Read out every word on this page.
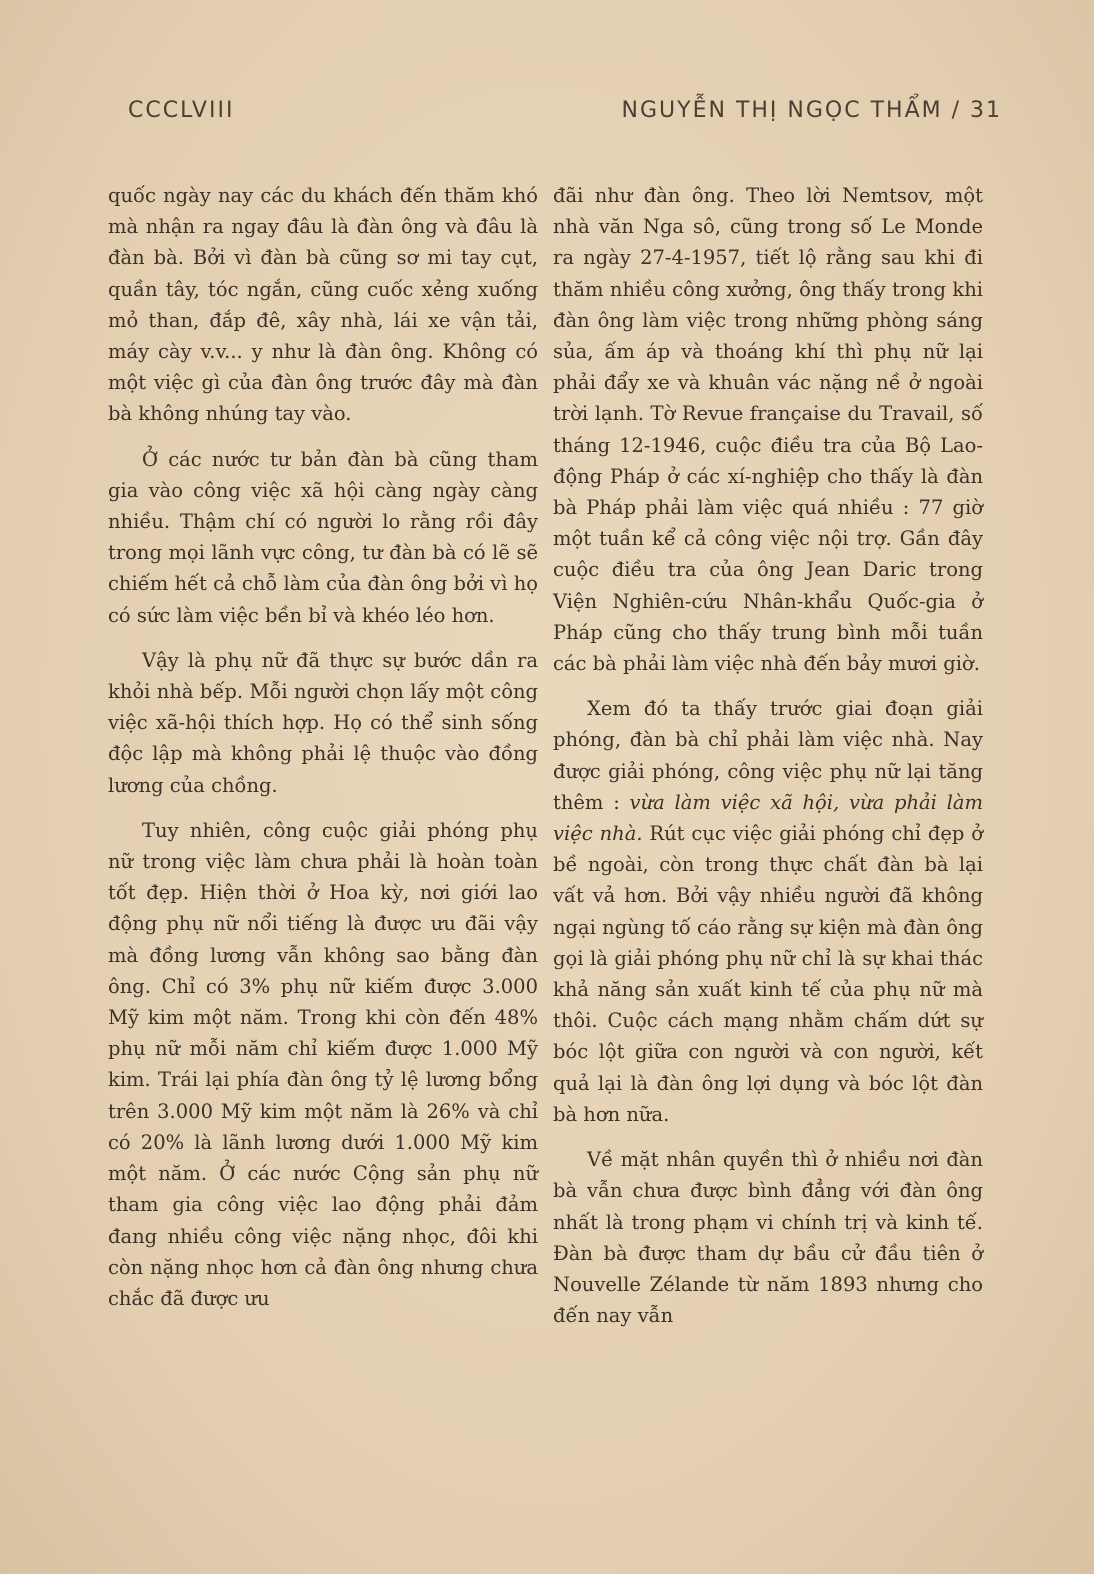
CCCLVIII	NGUYỄN THỊ NGỌC THẨM / 31

quốc ngày nay các du khách đến thăm khó mà nhận ra ngay đâu là đàn ông và đâu là đàn bà. Bởi vì đàn bà cũng sơ mi tay cụt, quần tây, tóc ngắn, cũng cuốc xẻng xuống mỏ than, đắp đê, xây nhà, lái xe vận tải, máy cày v.v... y như là đàn ông. Không có một việc gì của đàn ông trước đây mà đàn bà không nhúng tay vào.

Ở các nước tư bản đàn bà cũng tham gia vào công việc xã hội càng ngày càng nhiều. Thậm chí có người lo rằng rồi đây trong mọi lãnh vực công, tư đàn bà có lẽ sẽ chiếm hết cả chỗ làm của đàn ông bởi vì họ có sức làm việc bền bỉ và khéo léo hơn.

Vậy là phụ nữ đã thực sự bước dần ra khỏi nhà bếp. Mỗi người chọn lấy một công việc xã-hội thích hợp. Họ có thể sinh sống độc lập mà không phải lệ thuộc vào đồng lương của chồng.

Tuy nhiên, công cuộc giải phóng phụ nữ trong việc làm chưa phải là hoàn toàn tốt đẹp. Hiện thời ở Hoa kỳ, nơi giới lao động phụ nữ nổi tiếng là được ưu đãi vậy mà đồng lương vẫn không sao bằng đàn ông. Chỉ có 3% phụ nữ kiếm được 3.000 Mỹ kim một năm. Trong khi còn đến 48% phụ nữ mỗi năm chỉ kiếm được 1.000 Mỹ kim. Trái lại phía đàn ông tỷ lệ lương bổng trên 3.000 Mỹ kim một năm là 26% và chỉ có 20% là lãnh lương dưới 1.000 Mỹ kim một năm. Ở các nước Cộng sản phụ nữ tham gia công việc lao động phải đảm đang nhiều công việc nặng nhọc, đôi khi còn nặng nhọc hơn cả đàn ông nhưng chưa chắc đã được ưu

đãi như đàn ông. Theo lời Nemtsov, một nhà văn Nga sô, cũng trong số Le Monde ra ngày 27-4-1957, tiết lộ rằng sau khi đi thăm nhiều công xưởng, ông thấy trong khi đàn ông làm việc trong những phòng sáng sủa, ấm áp và thoáng khí thì phụ nữ lại phải đẩy xe và khuân vác nặng nề ở ngoài trời lạnh. Tờ Revue française du Travail, số tháng 12-1946, cuộc điều tra của Bộ Lao-động Pháp ở các xí-nghiệp cho thấy là đàn bà Pháp phải làm việc quá nhiều : 77 giờ một tuần kể cả công việc nội trợ. Gần đây cuộc điều tra của ông Jean Daric trong Viện Nghiên-cứu Nhân-khẩu Quốc-gia ở Pháp cũng cho thấy trung bình mỗi tuần các bà phải làm việc nhà đến bảy mươi giờ.

Xem đó ta thấy trước giai đoạn giải phóng, đàn bà chỉ phải làm việc nhà. Nay được giải phóng, công việc phụ nữ lại tăng thêm : vừa làm việc xã hội, vừa phải làm việc nhà. Rút cục việc giải phóng chỉ đẹp ở bề ngoài, còn trong thực chất đàn bà lại vất vả hơn. Bởi vậy nhiều người đã không ngại ngùng tố cáo rằng sự kiện mà đàn ông gọi là giải phóng phụ nữ chỉ là sự khai thác khả năng sản xuất kinh tế của phụ nữ mà thôi. Cuộc cách mạng nhằm chấm dứt sự bóc lột giữa con người và con người, kết quả lại là đàn ông lợi dụng và bóc lột đàn bà hơn nữa.

Về mặt nhân quyền thì ở nhiều nơi đàn bà vẫn chưa được bình đẳng với đàn ông nhất là trong phạm vi chính trị và kinh tế. Đàn bà được tham dự bầu cử đầu tiên ở Nouvelle Zélande từ năm 1893 nhưng cho đến nay vẫn
